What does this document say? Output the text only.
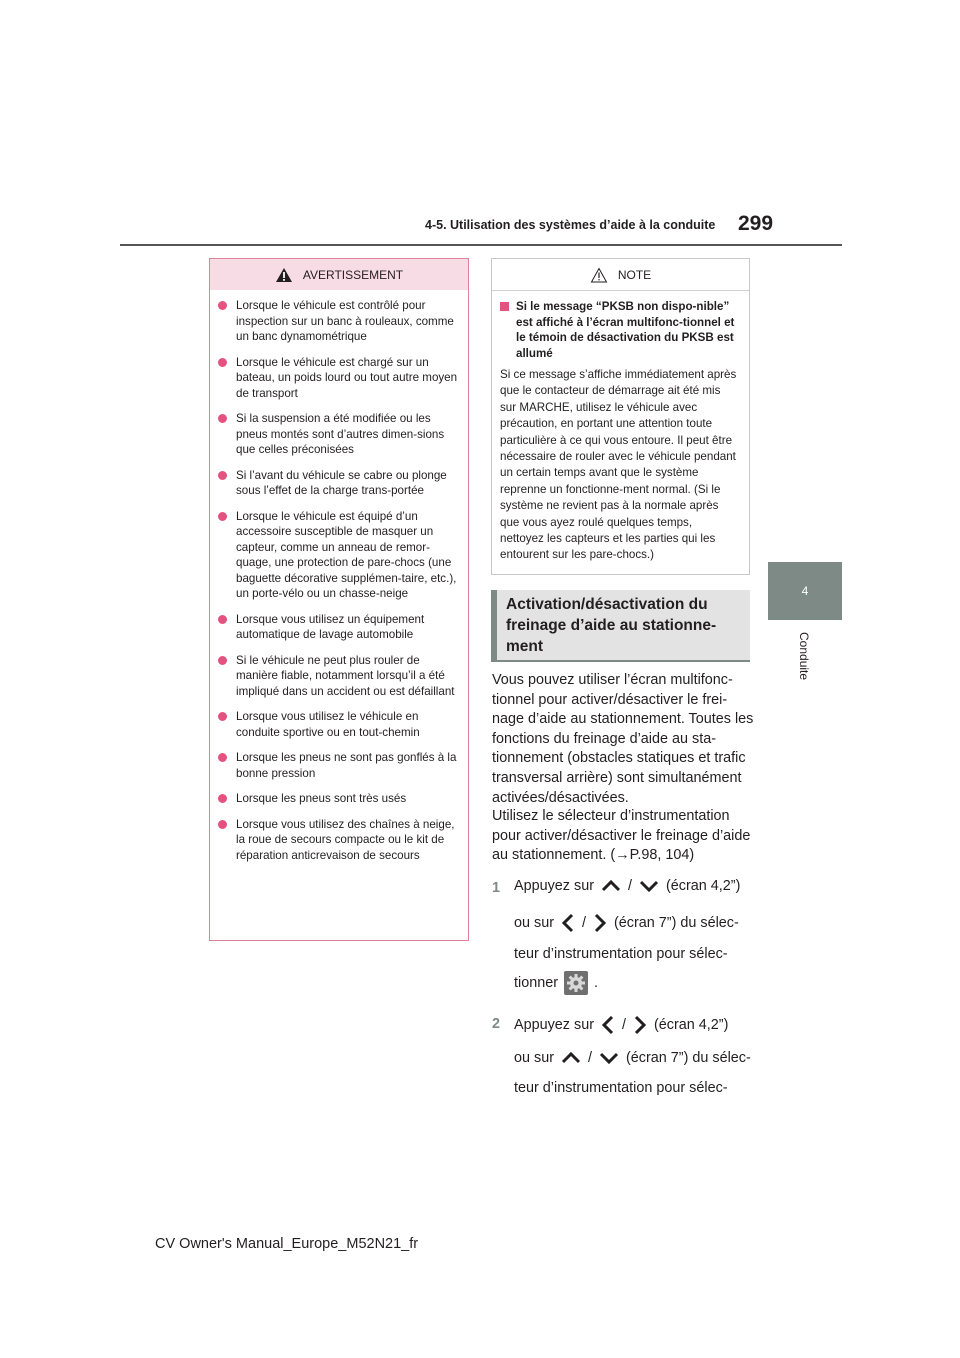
4-5. Utilisation des systèmes d’aide à la conduite 299
4
Conduite
AVERTISSEMENT
Lorsque le véhicule est contrôlé pour inspection sur un banc à rouleaux, comme un banc dynamométrique
Lorsque le véhicule est chargé sur un bateau, un poids lourd ou tout autre moyen de transport
Si la suspension a été modifiée ou les pneus montés sont d’autres dimen-sions que celles préconisées
Si l’avant du véhicule se cabre ou plonge sous l’effet de la charge trans-portée
Lorsque le véhicule est équipé d’un accessoire susceptible de masquer un capteur, comme un anneau de remor-quage, une protection de pare-chocs (une baguette décorative supplémen-taire, etc.), un porte-vélo ou un chasse-neige
Lorsque vous utilisez un équipement automatique de lavage automobile
Si le véhicule ne peut plus rouler de manière fiable, notamment lorsqu’il a été impliqué dans un accident ou est défaillant
Lorsque vous utilisez le véhicule en conduite sportive ou en tout-chemin
Lorsque les pneus ne sont pas gonflés à la bonne pression
Lorsque les pneus sont très usés
Lorsque vous utilisez des chaînes à neige, la roue de secours compacte ou le kit de réparation anticrevaison de secours
NOTE
Si le message “PKSB non dispo-nible” est affiché à l’écran multifonc-tionnel et le témoin de désactivation du PKSB est allumé
Si ce message s’affiche immédiatement après que le contacteur de démarrage ait été mis sur MARCHE, utilisez le véhicule avec précaution, en portant une attention toute particulière à ce qui vous entoure. Il peut être nécessaire de rouler avec le véhicule pendant un certain temps avant que le système reprenne un fonctionne-ment normal. (Si le système ne revient pas à la normale après que vous ayez roulé quelques temps, nettoyez les capteurs et les parties qui les entourent sur les pare-chocs.)
Activation/désactivation du freinage d’aide au stationne-ment
Vous pouvez utiliser l’écran multifonc-tionnel pour activer/désactiver le frei-nage d’aide au stationnement. Toutes les fonctions du freinage d’aide au sta-tionnement (obstacles statiques et trafic transversal arrière) sont simultanément activées/désactivées.
Utilisez le sélecteur d’instrumentation pour activer/désactiver le freinage d’aide au stationnement. (→P.98, 104)
1 Appuyez sur / (écran 4,2”)
ou sur / (écran 7”) du sélec-
teur d’instrumentation pour sélec-
tionner	.
2 Appuyez sur / (écran 4,2”)
ou sur / (écran 7”) du sélec-
teur d’instrumentation pour sélec-
CV Owner's Manual_Europe_M52N21_fr
